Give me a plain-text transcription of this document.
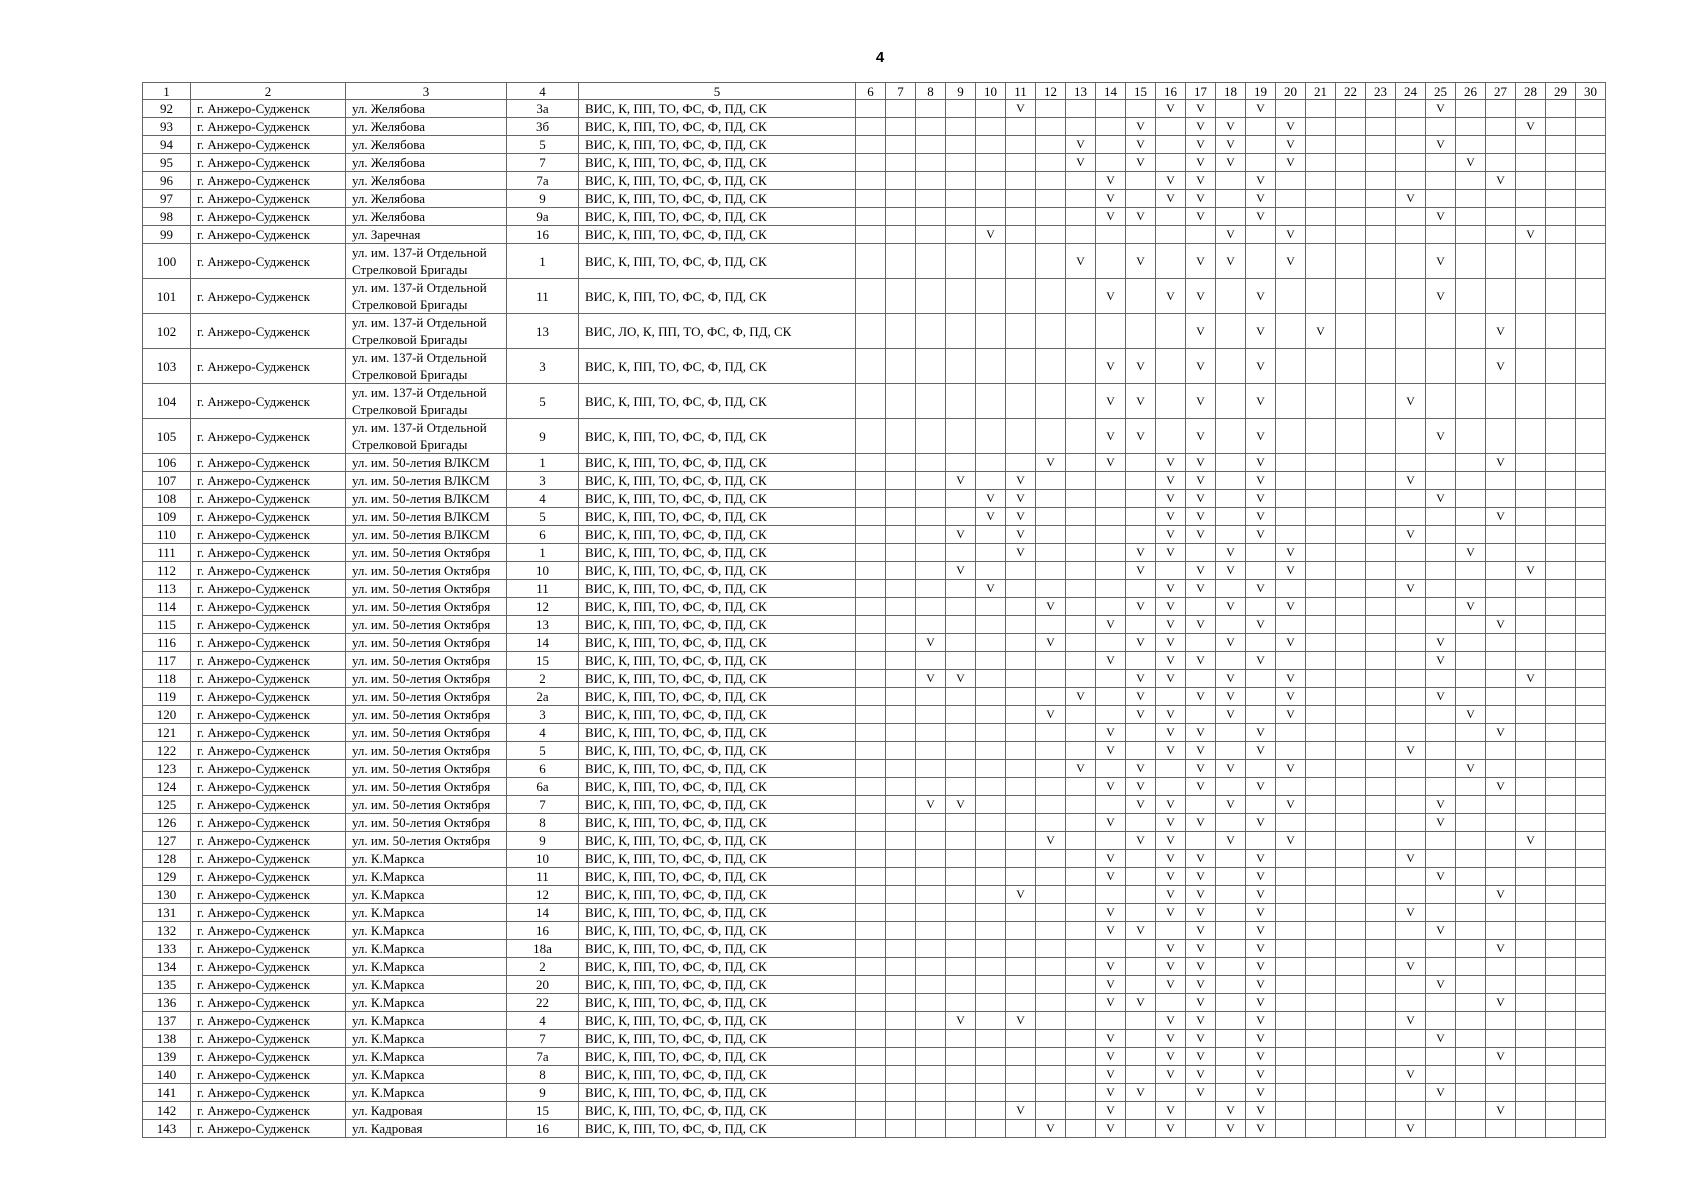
4
1	2	3	4	5	6	7	8	9	10	11	12	13	14	15	16	17	18	19	20	21	22	23	24	25	26	27	28	29	30
92	г. Анжеро-Судженск	ул. Желябова	3а	ВИС, К, ПП, ТО, ФС, Ф, ПД, СК						V					V	V		V						V					
93	г. Анжеро-Судженск	ул. Желябова	3б	ВИС, К, ПП, ТО, ФС, Ф, ПД, СК										V		V	V		V								V		
94	г. Анжеро-Судженск	ул. Желябова	5	ВИС, К, ПП, ТО, ФС, Ф, ПД, СК								V		V		V	V		V					V					
95	г. Анжеро-Судженск	ул. Желябова	7	ВИС, К, ПП, ТО, ФС, Ф, ПД, СК								V		V		V	V		V						V				
96	г. Анжеро-Судженск	ул. Желябова	7а	ВИС, К, ПП, ТО, ФС, Ф, ПД, СК									V		V	V		V								V			
97	г. Анжеро-Судженск	ул. Желябова	9	ВИС, К, ПП, ТО, ФС, Ф, ПД, СК									V		V	V		V					V						
98	г. Анжеро-Судженск	ул. Желябова	9а	ВИС, К, ПП, ТО, ФС, Ф, ПД, СК									V	V		V		V						V					
99	г. Анжеро-Судженск	ул. Заречная	16	ВИС, К, ПП, ТО, ФС, Ф, ПД, СК					V								V		V								V		
100	г. Анжеро-Судженск	ул. им. 137-й Отдельной Стрелковой Бригады	1	ВИС, К, ПП, ТО, ФС, Ф, ПД, СК								V		V		V	V		V					V					
101	г. Анжеро-Судженск	ул. им. 137-й Отдельной Стрелковой Бригады	11	ВИС, К, ПП, ТО, ФС, Ф, ПД, СК									V		V	V		V						V					
102	г. Анжеро-Судженск	ул. им. 137-й Отдельной Стрелковой Бригады	13	ВИС, ЛО, К, ПП, ТО, ФС, Ф, ПД, СК												V		V		V						V			
103	г. Анжеро-Судженск	ул. им. 137-й Отдельной Стрелковой Бригады	3	ВИС, К, ПП, ТО, ФС, Ф, ПД, СК									V	V		V		V								V			
104	г. Анжеро-Судженск	ул. им. 137-й Отдельной Стрелковой Бригады	5	ВИС, К, ПП, ТО, ФС, Ф, ПД, СК									V	V		V		V					V						
105	г. Анжеро-Судженск	ул. им. 137-й Отдельной Стрелковой Бригады	9	ВИС, К, ПП, ТО, ФС, Ф, ПД, СК									V	V		V		V						V					
106	г. Анжеро-Судженск	ул. им. 50-летия ВЛКСМ	1	ВИС, К, ПП, ТО, ФС, Ф, ПД, СК							V		V		V	V		V								V			
107	г. Анжеро-Судженск	ул. им. 50-летия ВЛКСМ	3	ВИС, К, ПП, ТО, ФС, Ф, ПД, СК				V		V					V	V		V					V						
108	г. Анжеро-Судженск	ул. им. 50-летия ВЛКСМ	4	ВИС, К, ПП, ТО, ФС, Ф, ПД, СК					V	V					V	V		V						V					
109	г. Анжеро-Судженск	ул. им. 50-летия ВЛКСМ	5	ВИС, К, ПП, ТО, ФС, Ф, ПД, СК					V	V					V	V		V								V			
110	г. Анжеро-Судженск	ул. им. 50-летия ВЛКСМ	6	ВИС, К, ПП, ТО, ФС, Ф, ПД, СК				V		V					V	V		V					V						
111	г. Анжеро-Судженск	ул. им. 50-летия Октября	1	ВИС, К, ПП, ТО, ФС, Ф, ПД, СК						V				V	V		V		V						V				
112	г. Анжеро-Судженск	ул. им. 50-летия Октября	10	ВИС, К, ПП, ТО, ФС, Ф, ПД, СК				V						V		V	V		V								V		
113	г. Анжеро-Судженск	ул. им. 50-летия Октября	11	ВИС, К, ПП, ТО, ФС, Ф, ПД, СК					V						V	V		V					V						
114	г. Анжеро-Судженск	ул. им. 50-летия Октября	12	ВИС, К, ПП, ТО, ФС, Ф, ПД, СК							V			V	V		V		V						V				
115	г. Анжеро-Судженск	ул. им. 50-летия Октября	13	ВИС, К, ПП, ТО, ФС, Ф, ПД, СК									V		V	V		V								V			
116	г. Анжеро-Судженск	ул. им. 50-летия Октября	14	ВИС, К, ПП, ТО, ФС, Ф, ПД, СК			V				V			V	V		V		V					V					
117	г. Анжеро-Судженск	ул. им. 50-летия Октября	15	ВИС, К, ПП, ТО, ФС, Ф, ПД, СК									V		V	V		V						V					
118	г. Анжеро-Судженск	ул. им. 50-летия Октября	2	ВИС, К, ПП, ТО, ФС, Ф, ПД, СК			V	V						V	V		V		V								V		
119	г. Анжеро-Судженск	ул. им. 50-летия Октября	2а	ВИС, К, ПП, ТО, ФС, Ф, ПД, СК								V		V		V	V		V					V					
120	г. Анжеро-Судженск	ул. им. 50-летия Октября	3	ВИС, К, ПП, ТО, ФС, Ф, ПД, СК							V			V	V		V		V						V				
121	г. Анжеро-Судженск	ул. им. 50-летия Октября	4	ВИС, К, ПП, ТО, ФС, Ф, ПД, СК									V		V	V		V								V			
122	г. Анжеро-Судженск	ул. им. 50-летия Октября	5	ВИС, К, ПП, ТО, ФС, Ф, ПД, СК									V		V	V		V					V						
123	г. Анжеро-Судженск	ул. им. 50-летия Октября	6	ВИС, К, ПП, ТО, ФС, Ф, ПД, СК								V		V		V	V		V						V				
124	г. Анжеро-Судженск	ул. им. 50-летия Октября	6а	ВИС, К, ПП, ТО, ФС, Ф, ПД, СК									V	V		V		V								V			
125	г. Анжеро-Судженск	ул. им. 50-летия Октября	7	ВИС, К, ПП, ТО, ФС, Ф, ПД, СК			V	V						V	V		V		V					V					
126	г. Анжеро-Судженск	ул. им. 50-летия Октября	8	ВИС, К, ПП, ТО, ФС, Ф, ПД, СК									V		V	V		V						V					
127	г. Анжеро-Судженск	ул. им. 50-летия Октября	9	ВИС, К, ПП, ТО, ФС, Ф, ПД, СК							V			V	V		V		V								V		
128	г. Анжеро-Судженск	ул. К.Маркса	10	ВИС, К, ПП, ТО, ФС, Ф, ПД, СК									V		V	V		V					V						
129	г. Анжеро-Судженск	ул. К.Маркса	11	ВИС, К, ПП, ТО, ФС, Ф, ПД, СК									V		V	V		V						V					
130	г. Анжеро-Судженск	ул. К.Маркса	12	ВИС, К, ПП, ТО, ФС, Ф, ПД, СК						V					V	V		V								V			
131	г. Анжеро-Судженск	ул. К.Маркса	14	ВИС, К, ПП, ТО, ФС, Ф, ПД, СК									V		V	V		V					V						
132	г. Анжеро-Судженск	ул. К.Маркса	16	ВИС, К, ПП, ТО, ФС, Ф, ПД, СК									V	V		V		V						V					
133	г. Анжеро-Судженск	ул. К.Маркса	18а	ВИС, К, ПП, ТО, ФС, Ф, ПД, СК											V	V		V								V			
134	г. Анжеро-Судженск	ул. К.Маркса	2	ВИС, К, ПП, ТО, ФС, Ф, ПД, СК									V		V	V		V					V						
135	г. Анжеро-Судженск	ул. К.Маркса	20	ВИС, К, ПП, ТО, ФС, Ф, ПД, СК									V		V	V		V						V					
136	г. Анжеро-Судженск	ул. К.Маркса	22	ВИС, К, ПП, ТО, ФС, Ф, ПД, СК									V	V		V		V								V			
137	г. Анжеро-Судженск	ул. К.Маркса	4	ВИС, К, ПП, ТО, ФС, Ф, ПД, СК				V		V					V	V		V					V						
138	г. Анжеро-Судженск	ул. К.Маркса	7	ВИС, К, ПП, ТО, ФС, Ф, ПД, СК									V		V	V		V						V					
139	г. Анжеро-Судженск	ул. К.Маркса	7а	ВИС, К, ПП, ТО, ФС, Ф, ПД, СК									V		V	V		V								V			
140	г. Анжеро-Судженск	ул. К.Маркса	8	ВИС, К, ПП, ТО, ФС, Ф, ПД, СК									V		V	V		V					V						
141	г. Анжеро-Судженск	ул. К.Маркса	9	ВИС, К, ПП, ТО, ФС, Ф, ПД, СК									V	V		V		V						V					
142	г. Анжеро-Судженск	ул. Кадровая	15	ВИС, К, ПП, ТО, ФС, Ф, ПД, СК						V			V		V		V	V								V			
143	г. Анжеро-Судженск	ул. Кадровая	16	ВИС, К, ПП, ТО, ФС, Ф, ПД, СК							V		V		V		V	V					V						
